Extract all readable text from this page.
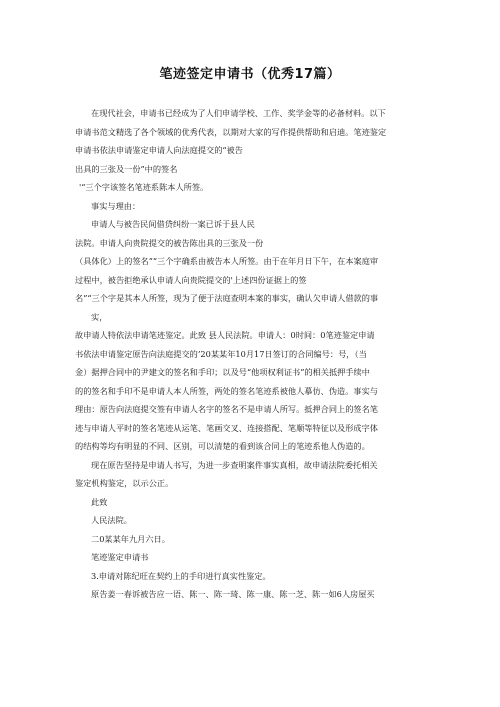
笔迹签定申请书（优秀17篇）
在现代社会，申请书已经成为了人们申请学校、工作、奖学金等的必备材料。以下
申请书范文精选了各个领域的优秀代表，以期对大家的写作提供帮助和启迪。笔迹鉴定
申请书依法申请鉴定申请人向法庭提交的“被告
出具的三张及一份”中的签名
'“三个字该签名笔迹系陈本人所签。
事实与理由：
申请人与被告民间借贷纠纷一案已诉于县人民
法院。申请人向贵院提交的被告陈出具的三张及一份
（具体化）上的签名”“三个字确系由被告本人所签。由于在年月日下午，在本案庭审
过程中，被告拒绝承认申请人向贵院提交的'上述四份证据上的签
名”“三个字是其本人所签，现为了便于法庭查明本案的事实，确认欠申请人借款的事
实，
故申请人特依法申请笔迹鉴定。此致 县人民法院。申请人：0时间：0笔迹鉴定申请
书依法申请鉴定原告向法庭提交的’20某某年10月17日签订的合同编号：号，（当
金）据押合同中的尹建文的签名和手印；以及号“他项权利证书”的相关抵押手续中
的的签名和手印不是申请人本人所签，两处的签名笔迹系被他人摹仿、伪造。事实与
理由：原告向法庭提交签有申请人名字的签名不是申请人所写。抵押合同上的签名笔
迹与申请人平时的签名笔迹从运笔、笔画交叉、连接搭配、笔顺等特征以及形成字体
的结构等均有明显的不同、区别，可以清楚的看到该合同上的笔迹系他人伪造的。
现在原告坚持是申请人书写，为进一步查明案件事实真相，故申请法院委托相关
鉴定机构鉴定，以示公正。
此致
人民法院。
二0某某年九月六日。
笔迹鉴定申请书
3.申请对陈纪旺在契约上的手印进行真实性鉴定。
原告姜一春诉被告应一语、陈一、陈一琦、陈一康、陈一芝、陈一如6人房屋买
